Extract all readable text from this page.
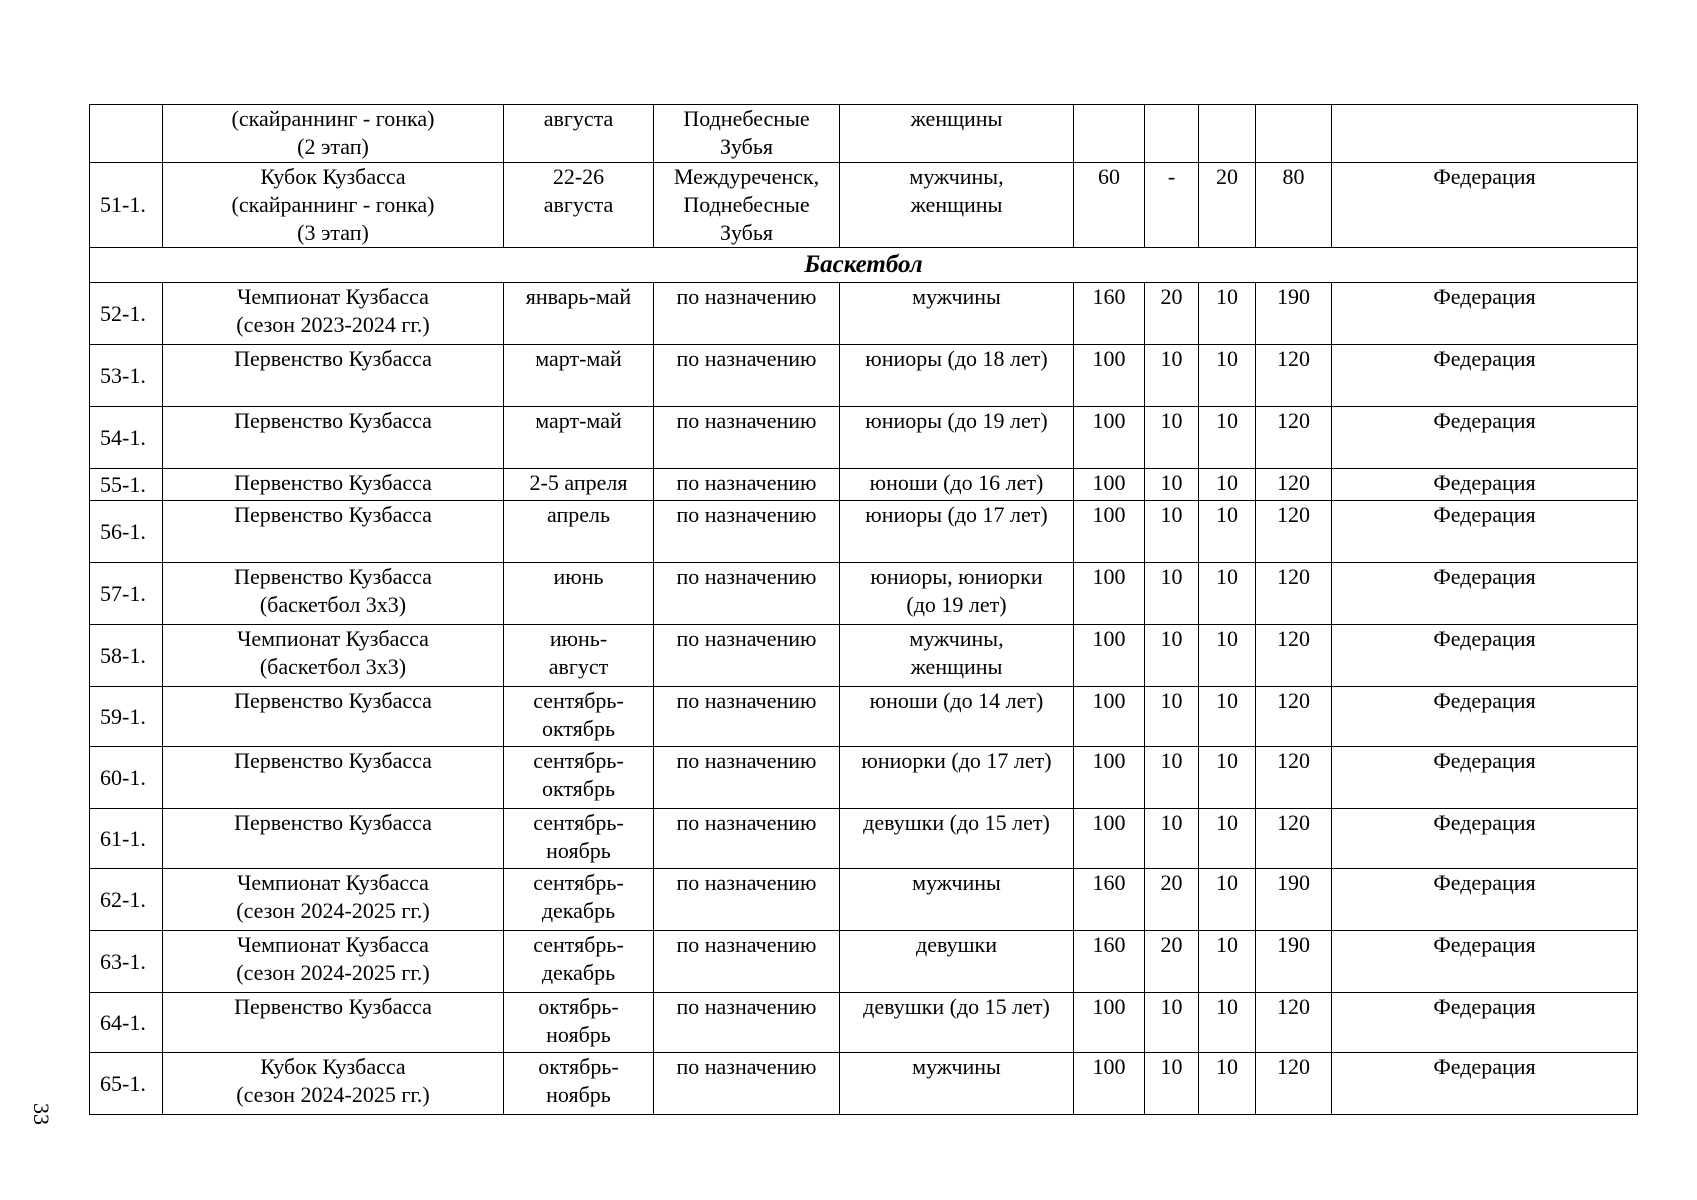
	(скайраннинг - гонка)
(2 этап)	августа	Поднебесные
Зубья	женщины					
51-1.	Кубок Кузбасса
(скайраннинг - гонка)
(3 этап)	22-26
августа	Междуреченск,
Поднебесные
Зубья	мужчины,
женщины	60	-	20	80	Федерация
Баскетбол									
52-1.	Чемпионат Кузбасса
(сезон 2023-2024 гг.)	январь-май	по назначению	мужчины	160	20	10	190	Федерация
53-1.	Первенство Кузбасса	март-май	по назначению	юниоры (до 18 лет)	100	10	10	120	Федерация
54-1.	Первенство Кузбасса	март-май	по назначению	юниоры (до 19 лет)	100	10	10	120	Федерация
55-1.	Первенство Кузбасса	2-5 апреля	по назначению	юноши (до 16 лет)	100	10	10	120	Федерация
56-1.	Первенство Кузбасса	апрель	по назначению	юниоры (до 17 лет)	100	10	10	120	Федерация
57-1.	Первенство Кузбасса
(баскетбол 3х3)	июнь	по назначению	юниоры, юниорки
(до 19 лет)	100	10	10	120	Федерация
58-1.	Чемпионат Кузбасса
(баскетбол 3х3)	июнь-
август	по назначению	мужчины,
женщины	100	10	10	120	Федерация
59-1.	Первенство Кузбасса	сентябрь-
октябрь	по назначению	юноши (до 14 лет)	100	10	10	120	Федерация
60-1.	Первенство Кузбасса	сентябрь-
октябрь	по назначению	юниорки (до 17 лет)	100	10	10	120	Федерация
61-1.	Первенство Кузбасса	сентябрь-
ноябрь	по назначению	девушки (до 15 лет)	100	10	10	120	Федерация
62-1.	Чемпионат Кузбасса
(сезон 2024-2025 гг.)	сентябрь-
декабрь	по назначению	мужчины	160	20	10	190	Федерация
63-1.	Чемпионат Кузбасса
(сезон 2024-2025 гг.)	сентябрь-
декабрь	по назначению	девушки	160	20	10	190	Федерация
64-1.	Первенство Кузбасса	октябрь-
ноябрь	по назначению	девушки (до 15 лет)	100	10	10	120	Федерация
65-1.	Кубок Кузбасса
(сезон 2024-2025 гг.)	октябрь-
ноябрь	по назначению	мужчины	100	10	10	120	Федерация
33
